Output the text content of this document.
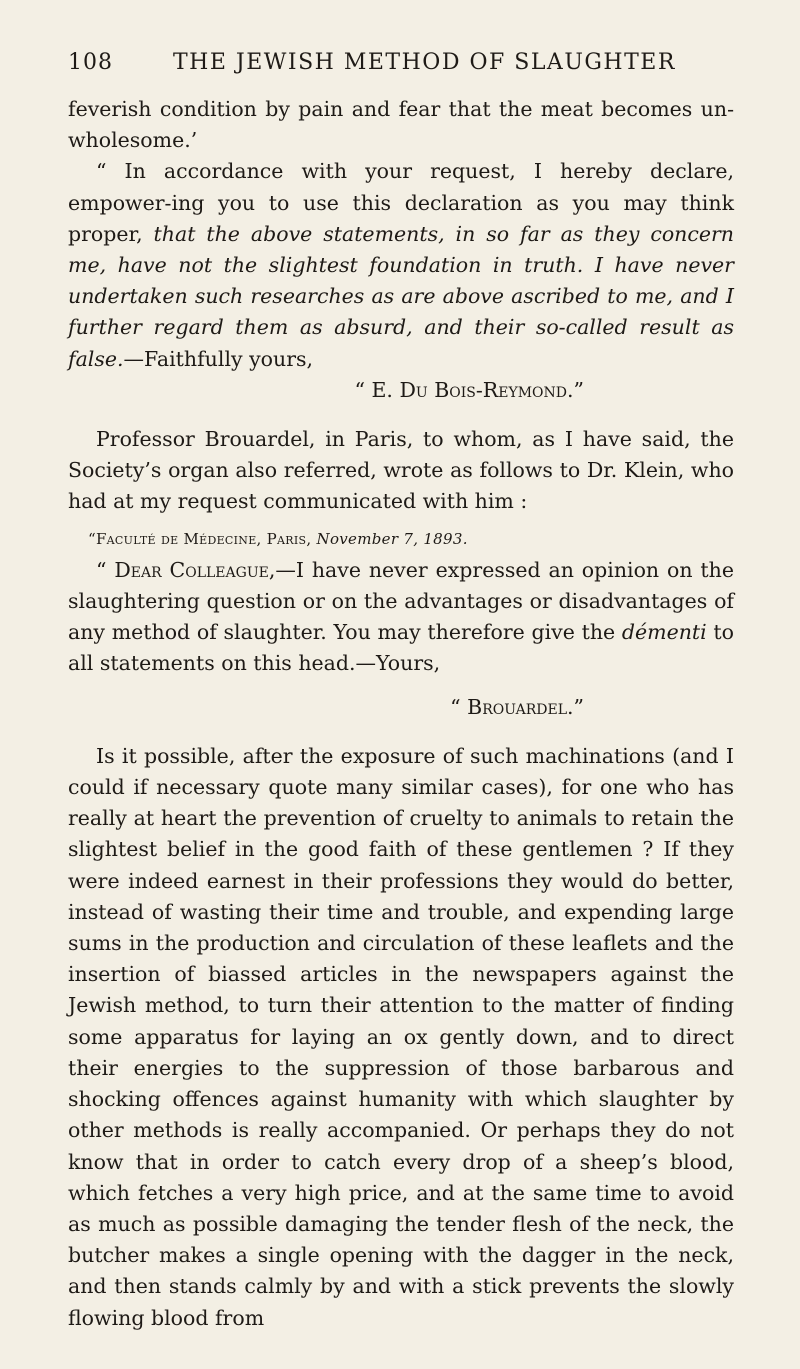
108	THE JEWISH METHOD OF SLAUGHTER

feverish condition by pain and fear that the meat becomes un-wholesome.’

“ In accordance with your request, I hereby declare, empower-ing you to use this declaration as you may think proper, that the above statements, in so far as they concern me, have not the slightest foundation in truth. I have never undertaken such researches as are above ascribed to me, and I further regard them as absurd, and their so-called result as false.—Faithfully yours,

“ E. Du Bois-Reymond.”

Professor Brouardel, in Paris, to whom, as I have said, the Society’s organ also referred, wrote as follows to Dr. Klein, who had at my request communicated with him :

“Faculté de Médecine, Paris, November 7, 1893.

“ Dear Colleague,—I have never expressed an opinion on the slaughtering question or on the advantages or disadvantages of any method of slaughter. You may therefore give the démenti to all statements on this head.—Yours,

“ Brouardel.”

Is it possible, after the exposure of such machinations (and I could if necessary quote many similar cases), for one who has really at heart the prevention of cruelty to animals to retain the slightest belief in the good faith of these gentlemen ? If they were indeed earnest in their professions they would do better, instead of wasting their time and trouble, and expending large sums in the production and circulation of these leaflets and the insertion of biassed articles in the newspapers against the Jewish method, to turn their attention to the matter of finding some apparatus for laying an ox gently down, and to direct their energies to the suppression of those barbarous and shocking offences against humanity with which slaughter by other methods is really accompanied. Or perhaps they do not know that in order to catch every drop of a sheep’s blood, which fetches a very high price, and at the same time to avoid as much as possible damaging the tender flesh of the neck, the butcher makes a single opening with the dagger in the neck, and then stands calmly by and with a stick prevents the slowly flowing blood from
